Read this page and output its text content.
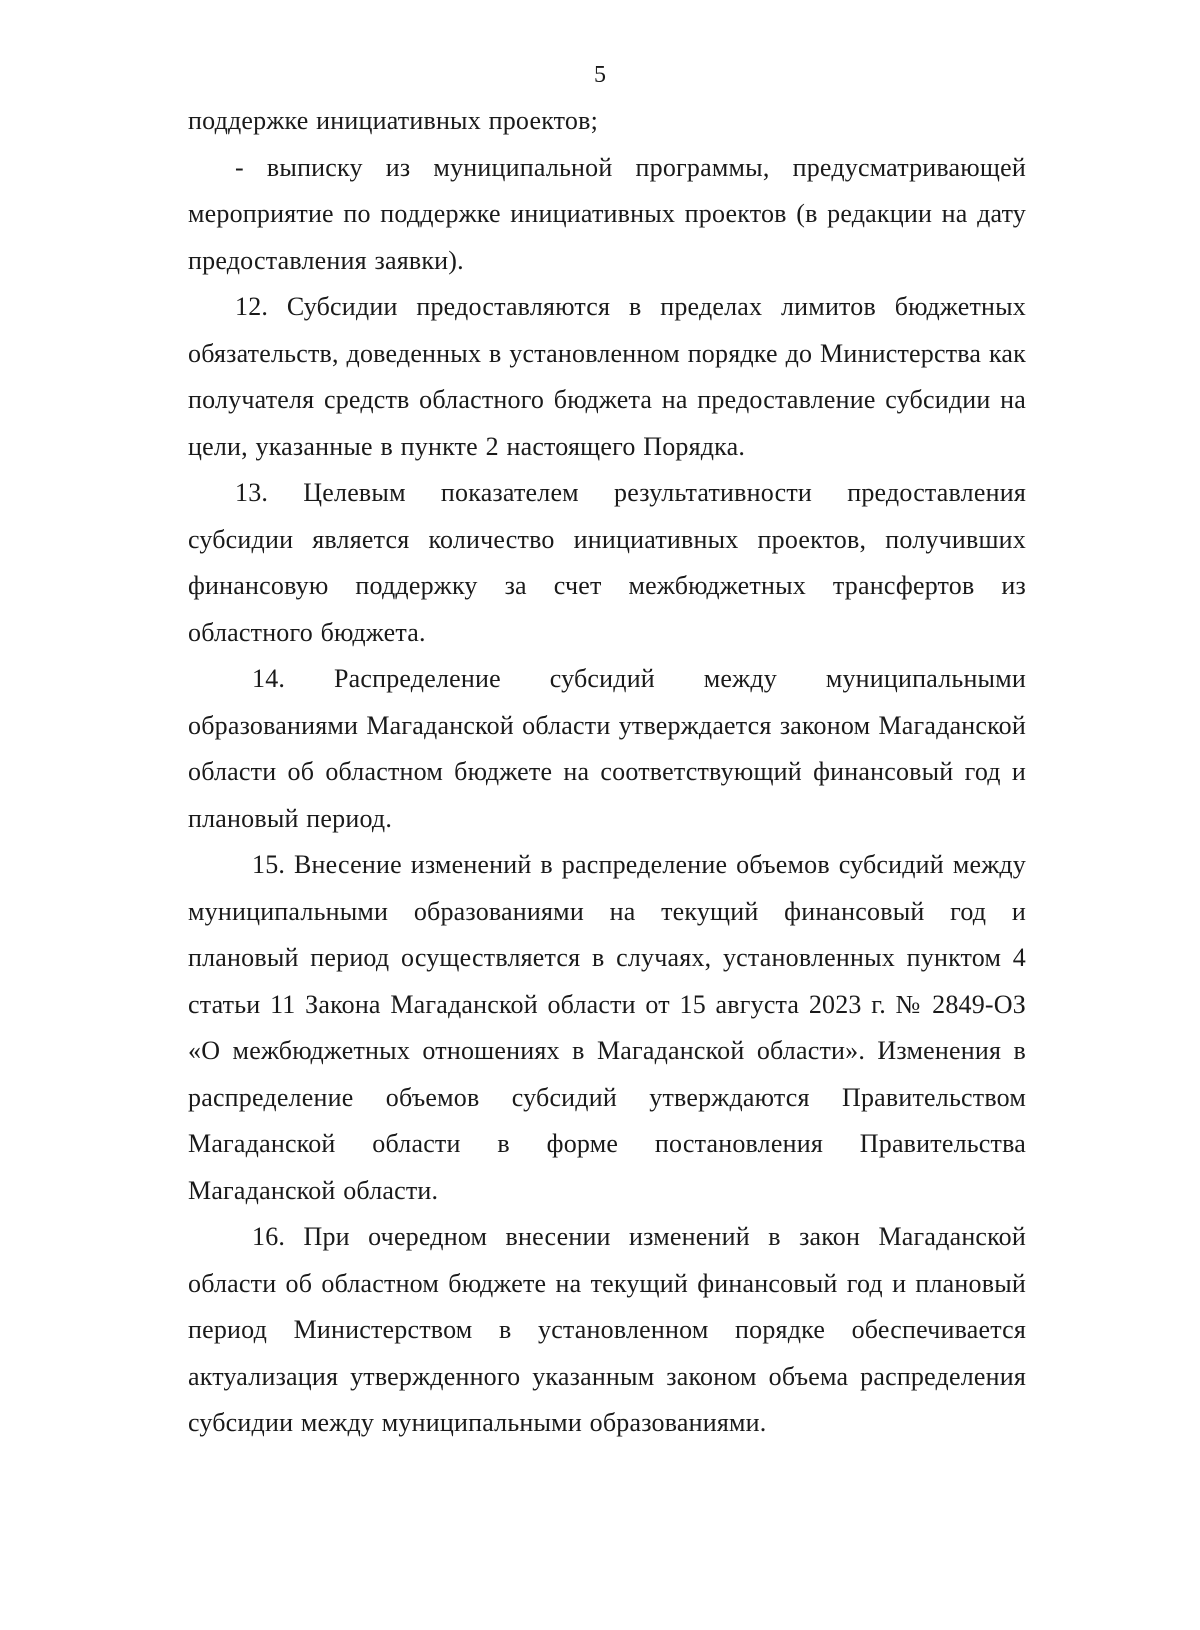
5

поддержке инициативных проектов;

- выписку из муниципальной программы, предусматривающей мероприятие по поддержке инициативных проектов (в редакции на дату предоставления заявки).

12. Субсидии предоставляются в пределах лимитов бюджетных обязательств, доведенных в установленном порядке до Министерства как получателя средств областного бюджета на предоставление субсидии на цели, указанные в пункте 2 настоящего Порядка.

13. Целевым показателем результативности предоставления субсидии является количество инициативных проектов, получивших финансовую поддержку за счет межбюджетных трансфертов из областного бюджета.

14. Распределение субсидий между муниципальными образованиями Магаданской области утверждается законом Магаданской области об областном бюджете на соответствующий финансовый год и плановый период.

15. Внесение изменений в распределение объемов субсидий между муниципальными образованиями на текущий финансовый год и плановый период осуществляется в случаях, установленных пунктом 4 статьи 11 Закона Магаданской области от 15 августа 2023 г. № 2849-ОЗ «О межбюджетных отношениях в Магаданской области». Изменения в распределение объемов субсидий утверждаются Правительством Магаданской области в форме постановления Правительства Магаданской области.

16. При очередном внесении изменений в закон Магаданской области об областном бюджете на текущий финансовый год и плановый период Министерством в установленном порядке обеспечивается актуализация утвержденного указанным законом объема распределения субсидии между муниципальными образованиями.
